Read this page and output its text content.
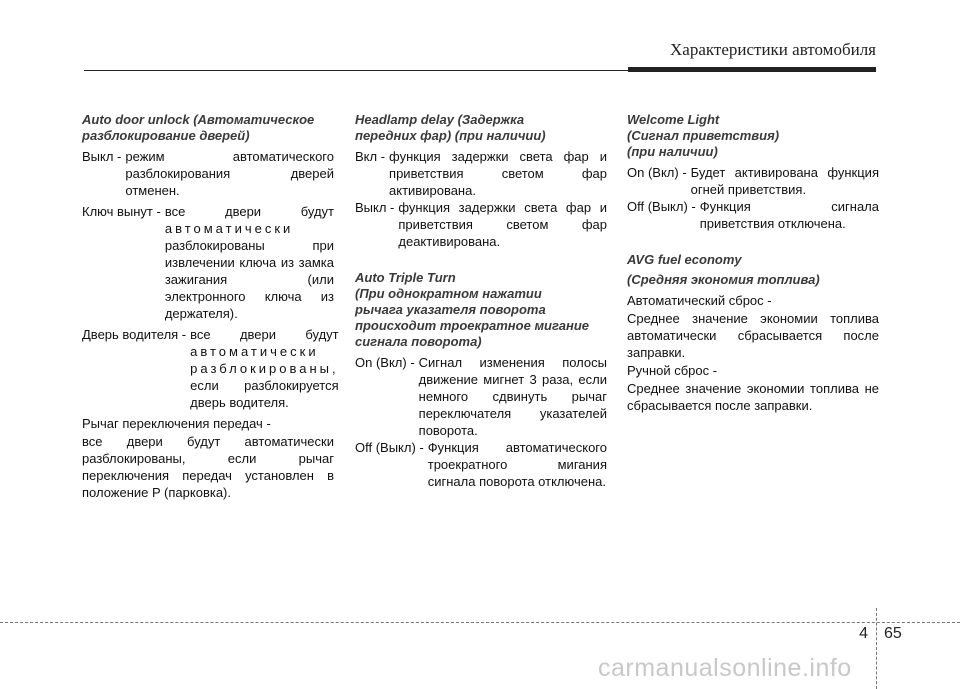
Характеристики автомобиля
Auto door unlock (Автоматическое
разблокирование дверей)
Выкл - режим автоматического разблокирования дверей отменен.
Ключ вынут - все двери будут
автоматически
разблокированы при извлечении ключа из замка зажигания (или электронного ключа из держателя).
Дверь водителя - все двери будут
автоматически
разблокированы,
если разблокируется дверь водителя.

Рычаг переключения передач -

все двери будут автоматически разблокированы, если рычаг переключения передач установлен в положение P (парковка).

Headlamp delay (Задержка
передних фар) (при наличии)
Вкл - функция задержки света фар и приветствия светом фар активирована.
Выкл - функция задержки света фар и приветствия светом фар деактивирована.
Auto Triple Turn
(При однократном нажатии
рычага указателя поворота
происходит троекратное мигание
сигнала поворота)
On (Вкл) - Сигнал изменения полосы движение мигнет 3 раза, если немного сдвинуть рычаг переключателя указателей поворота.
Off (Выкл) - Функция автоматического троекратного мигания сигнала поворота отключена.
Welcome Light
(Сигнал приветствия)
(при наличии)
On (Вкл) - Будет активирована функция огней приветствия.
Off (Выкл) - Функция сигнала приветствия отключена.
AVG fuel economy
(Средняя экономия топлива)

Автоматический сброс -

Среднее значение экономии топлива автоматически сбрасывается после заправки.

Ручной сброс -

Среднее значение экономии топлива не сбрасывается после заправки.

4 65
carmanualsonline.info
